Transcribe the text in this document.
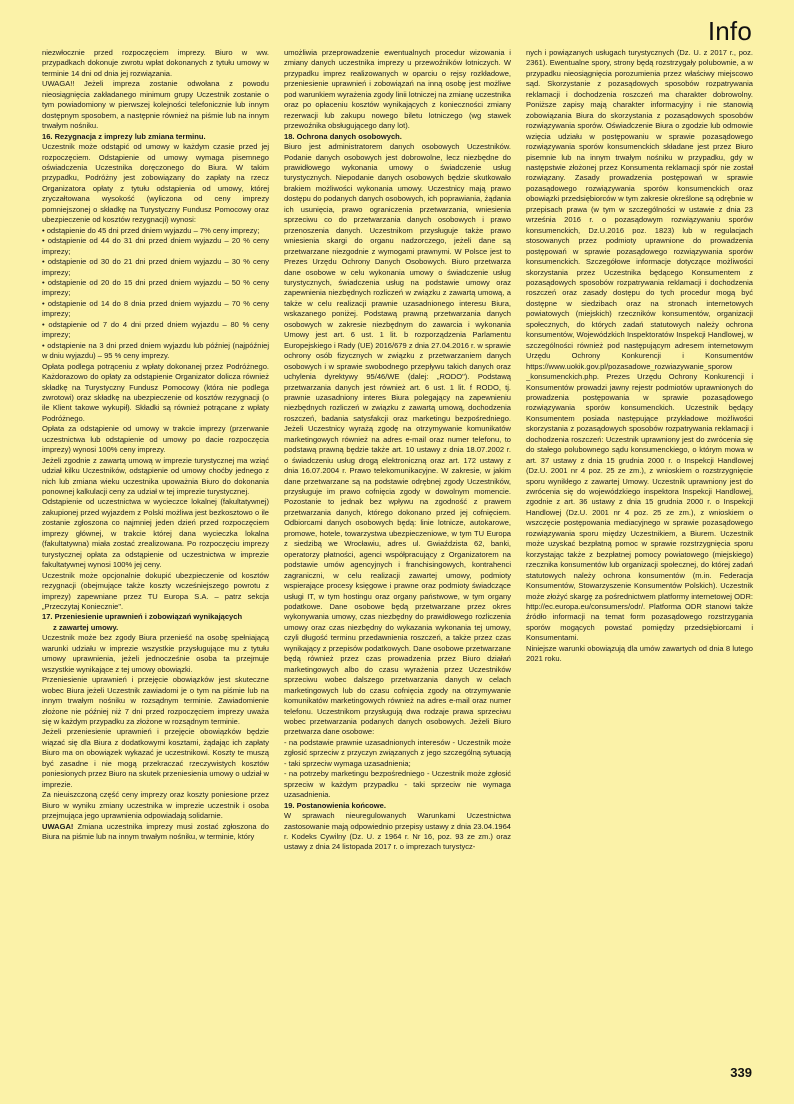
Info

niezwłocznie przed rozpoczęciem imprezy. Biuro w ww. przypadkach dokonuje zwrotu wpłat dokonanych z tytułu umowy w terminie 14 dni od dnia jej rozwiązania.

UWAGA!! Jeżeli impreza zostanie odwołana z powodu nieosiągnięcia zakładanego minimum grupy Uczestnik zostanie o tym powiadomiony w pierwszej kolejności telefonicznie lub innym dostępnym sposobem, a następnie również na piśmie lub na innym trwałym nośniku.

16. Rezygnacja z imprezy lub zmiana terminu.

Uczestnik może odstąpić od umowy w każdym czasie przed jej rozpoczęciem. Odstąpienie od umowy wymaga pisemnego oświadczenia Uczestnika doręczonego do Biura. W takim przypadku, Podróżny jest zobowiązany do zapłaty na rzecz Organizatora opłaty z tytułu odstąpienia od umowy, której zryczałtowana wysokość (wyliczona od ceny imprezy pomniejszonej o składkę na Turystyczny Fundusz Pomocowy oraz ubezpieczenie od kosztów rezygnacji) wynosi:

• odstąpienie do 45 dni przed dniem wyjazdu – 7% ceny imprezy;

• odstąpienie od 44 do 31 dni przed dniem wyjazdu – 20 % ceny imprezy;

• odstąpienie od 30 do 21 dni przed dniem wyjazdu – 30 % ceny imprezy;

• odstąpienie od 20 do 15 dni przed dniem wyjazdu – 50 % ceny imprezy;

• odstąpienie od 14 do 8 dnia przed dniem wyjazdu – 70 % ceny imprezy;

• odstąpienie od 7 do 4 dni przed dniem wyjazdu – 80 % ceny imprezy;

• odstąpienie na 3 dni przed dniem wyjazdu lub później (najpóźniej w dniu wyjazdu) – 95 % ceny imprezy.

Opłata podlega potrąceniu z wpłaty dokonanej przez Podróżnego. Każdorazowo do opłaty za odstąpienie Organizator dolicza również składkę na Turystyczny Fundusz Pomocowy (która nie podlega zwrotowi) oraz składkę na ubezpieczenie od kosztów rezygnacji (o ile Klient takowe wykupił). Składki są również potrącane z wpłaty Podróżnego.

Opłata za odstąpienie od umowy w trakcie imprezy (przerwanie uczestnictwa lub odstąpienie od umowy po dacie rozpoczęcia imprezy) wynosi 100% ceny imprezy.

Jeżeli zgodnie z zawartą umową w imprezie turystycznej ma wziąć udział kilku Uczestników, odstąpienie od umowy choćby jednego z nich lub zmiana wieku uczestnika upoważnia Biuro do dokonania ponownej kalkulacji ceny za udział w tej imprezie turystycznej.

Odstąpienie od uczestnictwa w wycieczce lokalnej (fakultatywnej) zakupionej przed wyjazdem z Polski możliwa jest bezkosztowo o ile zostanie zgłoszona co najmniej jeden dzień przed rozpoczęciem imprezy głównej, w trakcie której dana wycieczka lokalna (fakultatywna) miała zostać zrealizowana. Po rozpoczęciu imprezy turystycznej opłata za odstąpienie od uczestnictwa w imprezie fakultatywnej wynosi 100% jej ceny.

Uczestnik może opcjonalnie dokupić ubezpieczenie od kosztów rezygnacji (obejmujące także koszty wcześniejszego powrotu z imprezy) zapewniane przez TU Europa S.A. – patrz sekcja „Przeczytaj Koniecznie".

17. Przeniesienie uprawnień i zobowiązań wynikających

z zawartej umowy.

Uczestnik może bez zgody Biura przenieść na osobę spełniającą warunki udziału w imprezie wszystkie przysługujące mu z tytułu umowy uprawnienia, jeżeli jednocześnie osoba ta przejmuje wszystkie wynikające z tej umowy obowiązki.

Przeniesienie uprawnień i przejęcie obowiązków jest skuteczne wobec Biura jeżeli Uczestnik zawiadomi je o tym na piśmie lub na innym trwałym nośniku w rozsądnym terminie. Zawiadomienie złożone nie później niż 7 dni przed rozpoczęciem imprezy uważa się w każdym przypadku za złożone w rozsądnym terminie.

Jeżeli przeniesienie uprawnień i przejęcie obowiązków będzie wiązać się dla Biura z dodatkowymi kosztami, żądając ich zapłaty Biuro ma on obowiązek wykazać je uczestnikowi. Koszty te muszą być zasadne i nie mogą przekraczać rzeczywistych kosztów poniesionych przez Biuro na skutek przeniesienia umowy o udział w imprezie.

Za nieuiszczoną część ceny imprezy oraz koszty poniesione przez Biuro w wyniku zmiany uczestnika w imprezie uczestnik i osoba przejmująca jego uprawnienia odpowiadają solidarnie.

UWAGA! Zmiana uczestnika imprezy musi zostać zgłoszona do Biura na piśmie lub na innym trwałym nośniku, w terminie, który

umożliwia przeprowadzenie ewentualnych procedur wizowania i zmiany danych uczestnika imprezy u przewoźników lotniczych. W przypadku imprez realizowanych w oparciu o rejsy rozkładowe, przeniesienie uprawnień i zobowiązań na inną osobę jest możliwe pod warunkiem wyrażenia zgody linii lotniczej na zmianę uczestnika oraz po opłaceniu kosztów wynikających z konieczności zmiany rezerwacji lub zakupu nowego biletu lotniczego (wg stawek przewoźnika obsługującego dany lot).

18. Ochrona danych osobowych.

Biuro jest administratorem danych osobowych Uczestników. Podanie danych osobowych jest dobrowolne, lecz niezbędne do prawidłowego wykonania umowy o świadczenie usług turystycznych. Niepodanie danych osobowych będzie skutkowało brakiem możliwości wykonania umowy. Uczestnicy mają prawo dostępu do podanych danych osobowych, ich poprawiania, żądania ich usunięcia, prawo ograniczenia przetwarzania, wniesienia sprzeciwu co do przetwarzania danych osobowych i prawo przenoszenia danych. Uczestnikom przysługuje także prawo wniesienia skargi do organu nadzorczego, jeżeli dane są przetwarzane niezgodnie z wymogami prawnymi. W Polsce jest to Prezes Urzędu Ochrony Danych Osobowych. Biuro przetwarza dane osobowe w celu wykonania umowy o świadczenie usług turystycznych, świadczenia usług na podstawie umowy oraz zapewnienia niezbędnych rozliczeń w związku z zawartą umową, a także w celu realizacji prawnie uzasadnionego interesu Biura, wskazanego poniżej. Podstawą prawną przetwarzania danych osobowych w zakresie niezbędnym do zawarcia i wykonania Umowy jest art. 6 ust. 1 lit. b rozporządzenia Parlamentu Europejskiego i Rady (UE) 2016/679 z dnia 27.04.2016 r. w sprawie ochrony osób fizycznych w związku z przetwarzaniem danych osobowych i w sprawie swobodnego przepływu takich danych oraz uchylenia dyrektywy 95/46/WE (dalej: „RODO"). Podstawą przetwarzania danych jest również art. 6 ust. 1 lit. f RODO, tj. prawnie uzasadniony interes Biura polegający na zapewnieniu niezbędnych rozliczeń w związku z zawartą umową, dochodzenia roszczeń, badania satysfakcji oraz marketingu bezpośredniego. Jeżeli Uczestnicy wyrażą zgodę na otrzymywanie komunikatów marketingowych również na adres e-mail oraz numer telefonu, to podstawą prawną będzie także art. 10 ustawy z dnia 18.07.2002 r. o świadczeniu usług drogą elektroniczną oraz art. 172 ustawy z dnia 16.07.2004 r. Prawo telekomunikacyjne. W zakresie, w jakim dane przetwarzane są na podstawie odrębnej zgody Uczestników, przysługuje im prawo cofnięcia zgody w dowolnym momencie. Pozostanie to jednak bez wpływu na zgodność z prawem przetwarzania danych, którego dokonano przed jej cofnięciem. Odbiorcami danych osobowych będą: linie lotnicze, autokarowe, promowe, hotele, towarzystwa ubezpieczeniowe, w tym TU Europa z siedzibą we Wrocławiu, adres ul. Gwiaździsta 62, banki, operatorzy płatności, agenci współpracujący z Organizatorem na podstawie umów agencyjnych i franchisingowych, kontrahenci zagraniczni, w celu realizacji zawartej umowy, podmioty wspierające procesy księgowe i prawne oraz podmioty świadczące usługi IT, w tym hostingu oraz organy państwowe, w tym organy podatkowe. Dane osobowe będą przetwarzane przez okres wykonywania umowy, czas niezbędny do prawidłowego rozliczenia umowy oraz czas niezbędny do wykazania wykonania tej umowy, czyli długość terminu przedawnienia roszczeń, a także przez czas wynikający z przepisów podatkowych. Dane osobowe przetwarzane będą również przez czas prowadzenia przez Biuro działań marketingowych albo do czasu wyrażenia przez Uczestników sprzeciwu wobec dalszego przetwarzania danych w celach marketingowych lub do czasu cofnięcia zgody na otrzymywanie komunikatów marketingowych również na adres e-mail oraz numer telefonu. Uczestnikom przysługują dwa rodzaje prawa sprzeciwu wobec przetwarzania podanych danych osobowych. Jeżeli Biuro przetwarza dane osobowe:

- na podstawie prawnie uzasadnionych interesów - Uczestnik może zgłosić sprzeciw z przyczyn związanych z jego szczególną sytuacją - taki sprzeciw wymaga uzasadnienia;

- na potrzeby marketingu bezpośredniego - Uczestnik może zgłosić sprzeciw w każdym przypadku - taki sprzeciw nie wymaga uzasadnienia.

19. Postanowienia końcowe.

W sprawach nieuregulowanych Warunkami Uczestnictwa zastosowanie mają odpowiednio przepisy ustawy z dnia 23.04.1964 r. Kodeks Cywilny (Dz. U. z 1964 r. Nr 16, poz. 93 ze zm.) oraz ustawy z dnia 24 listopada 2017 r. o imprezach turystycz-

nych i powiązanych usługach turystycznych (Dz. U. z 2017 r., poz. 2361). Ewentualne spory, strony będą rozstrzygały polubownie, a w przypadku nieosiągnięcia porozumienia przez właściwy miejscowo sąd. Skorzystanie z pozasądowych sposobów rozpatrywania reklamacji i dochodzenia roszczeń ma charakter dobrowolny. Poniższe zapisy mają charakter informacyjny i nie stanowią zobowiązania Biura do skorzystania z pozasądowych sposobów rozwiązywania sporów. Oświadczenie Biura o zgodzie lub odmowie wzięcia udziału w postępowaniu w sprawie pozasądowego rozwiązywania sporów konsumenckich składane jest przez Biuro pisemnie lub na innym trwałym nośniku w przypadku, gdy w następstwie złożonej przez Konsumenta reklamacji spór nie został rozwiązany. Zasady prowadzenia postępowań w sprawie pozasądowego rozwiązywania sporów konsumenckich oraz obowiązki przedsiębiorców w tym zakresie określone są odrębnie w przepisach prawa (w tym w szczególności w ustawie z dnia 23 września 2016 r. o pozasądowym rozwiązywaniu sporów konsumenckich, Dz.U.2016 poz. 1823) lub w regulacjach stosowanych przez podmioty uprawnione do prowadzenia postępowań w sprawie pozasądowego rozwiązywania sporów konsumenckich. Szczegółowe informacje dotyczące możliwości skorzystania przez Uczestnika będącego Konsumentem z pozasądowych sposobów rozpatrywania reklamacji i dochodzenia roszczeń oraz zasady dostępu do tych procedur mogą być dostępne w siedzibach oraz na stronach internetowych powiatowych (miejskich) rzeczników konsumentów, organizacji społecznych, do których zadań statutowych należy ochrona konsumentów, Wojewódzkich Inspektoratów Inspekcji Handlowej, w szczególności również pod następującym adresem internetowym Urzędu Ochrony Konkurencji i Konsumentów https://www.uokik.gov.pl/pozasadowe_rozwiazywanie_sporow _konsumenckich.php. Prezes Urzędu Ochrony Konkurencji i Konsumentów prowadzi jawny rejestr podmiotów uprawnionych do prowadzenia postępowania w sprawie pozasądowego rozwiązywania sporów konsumenckich. Uczestnik będący Konsumentem posiada następujące przykładowe możliwości skorzystania z pozasądowych sposobów rozpatrywania reklamacji i dochodzenia roszczeń: Uczestnik uprawniony jest do zwrócenia się do stałego polubownego sądu konsumenckiego, o którym mowa w art. 37 ustawy z dnia 15 grudnia 2000 r. o Inspekcji Handlowej (Dz.U. 2001 nr 4 poz. 25 ze zm.), z wnioskiem o rozstrzygnięcie sporu wynikłego z zawartej Umowy. Uczestnik uprawniony jest do zwrócenia się do wojewódzkiego inspektora Inspekcji Handlowej, zgodnie z art. 36 ustawy z dnia 15 grudnia 2000 r. o Inspekcji Handlowej (Dz.U. 2001 nr 4 poz. 25 ze zm.), z wnioskiem o wszczęcie postępowania mediacyjnego w sprawie pozasądowego rozwiązywania sporu między Uczestnikiem, a Biurem. Uczestnik może uzyskać bezpłatną pomoc w sprawie rozstrzygnięcia sporu korzystając także z bezpłatnej pomocy powiatowego (miejskiego) rzecznika konsumentów lub organizacji społecznej, do której zadań statutowych należy ochrona konsumentów (m.in. Federacja Konsumentów, Stowarzyszenie Konsumentów Polskich). Uczestnik może złożyć skargę za pośrednictwem platformy internetowej ODR: http://ec.europa.eu/consumers/odr/. Platforma ODR stanowi także źródło informacji na temat form pozasądowego rozstrzygania sporów mogących powstać pomiędzy przedsiębiorcami i Konsumentami.

Niniejsze warunki obowiązują dla umów zawartych od dnia 8 lutego 2021 roku.

339
